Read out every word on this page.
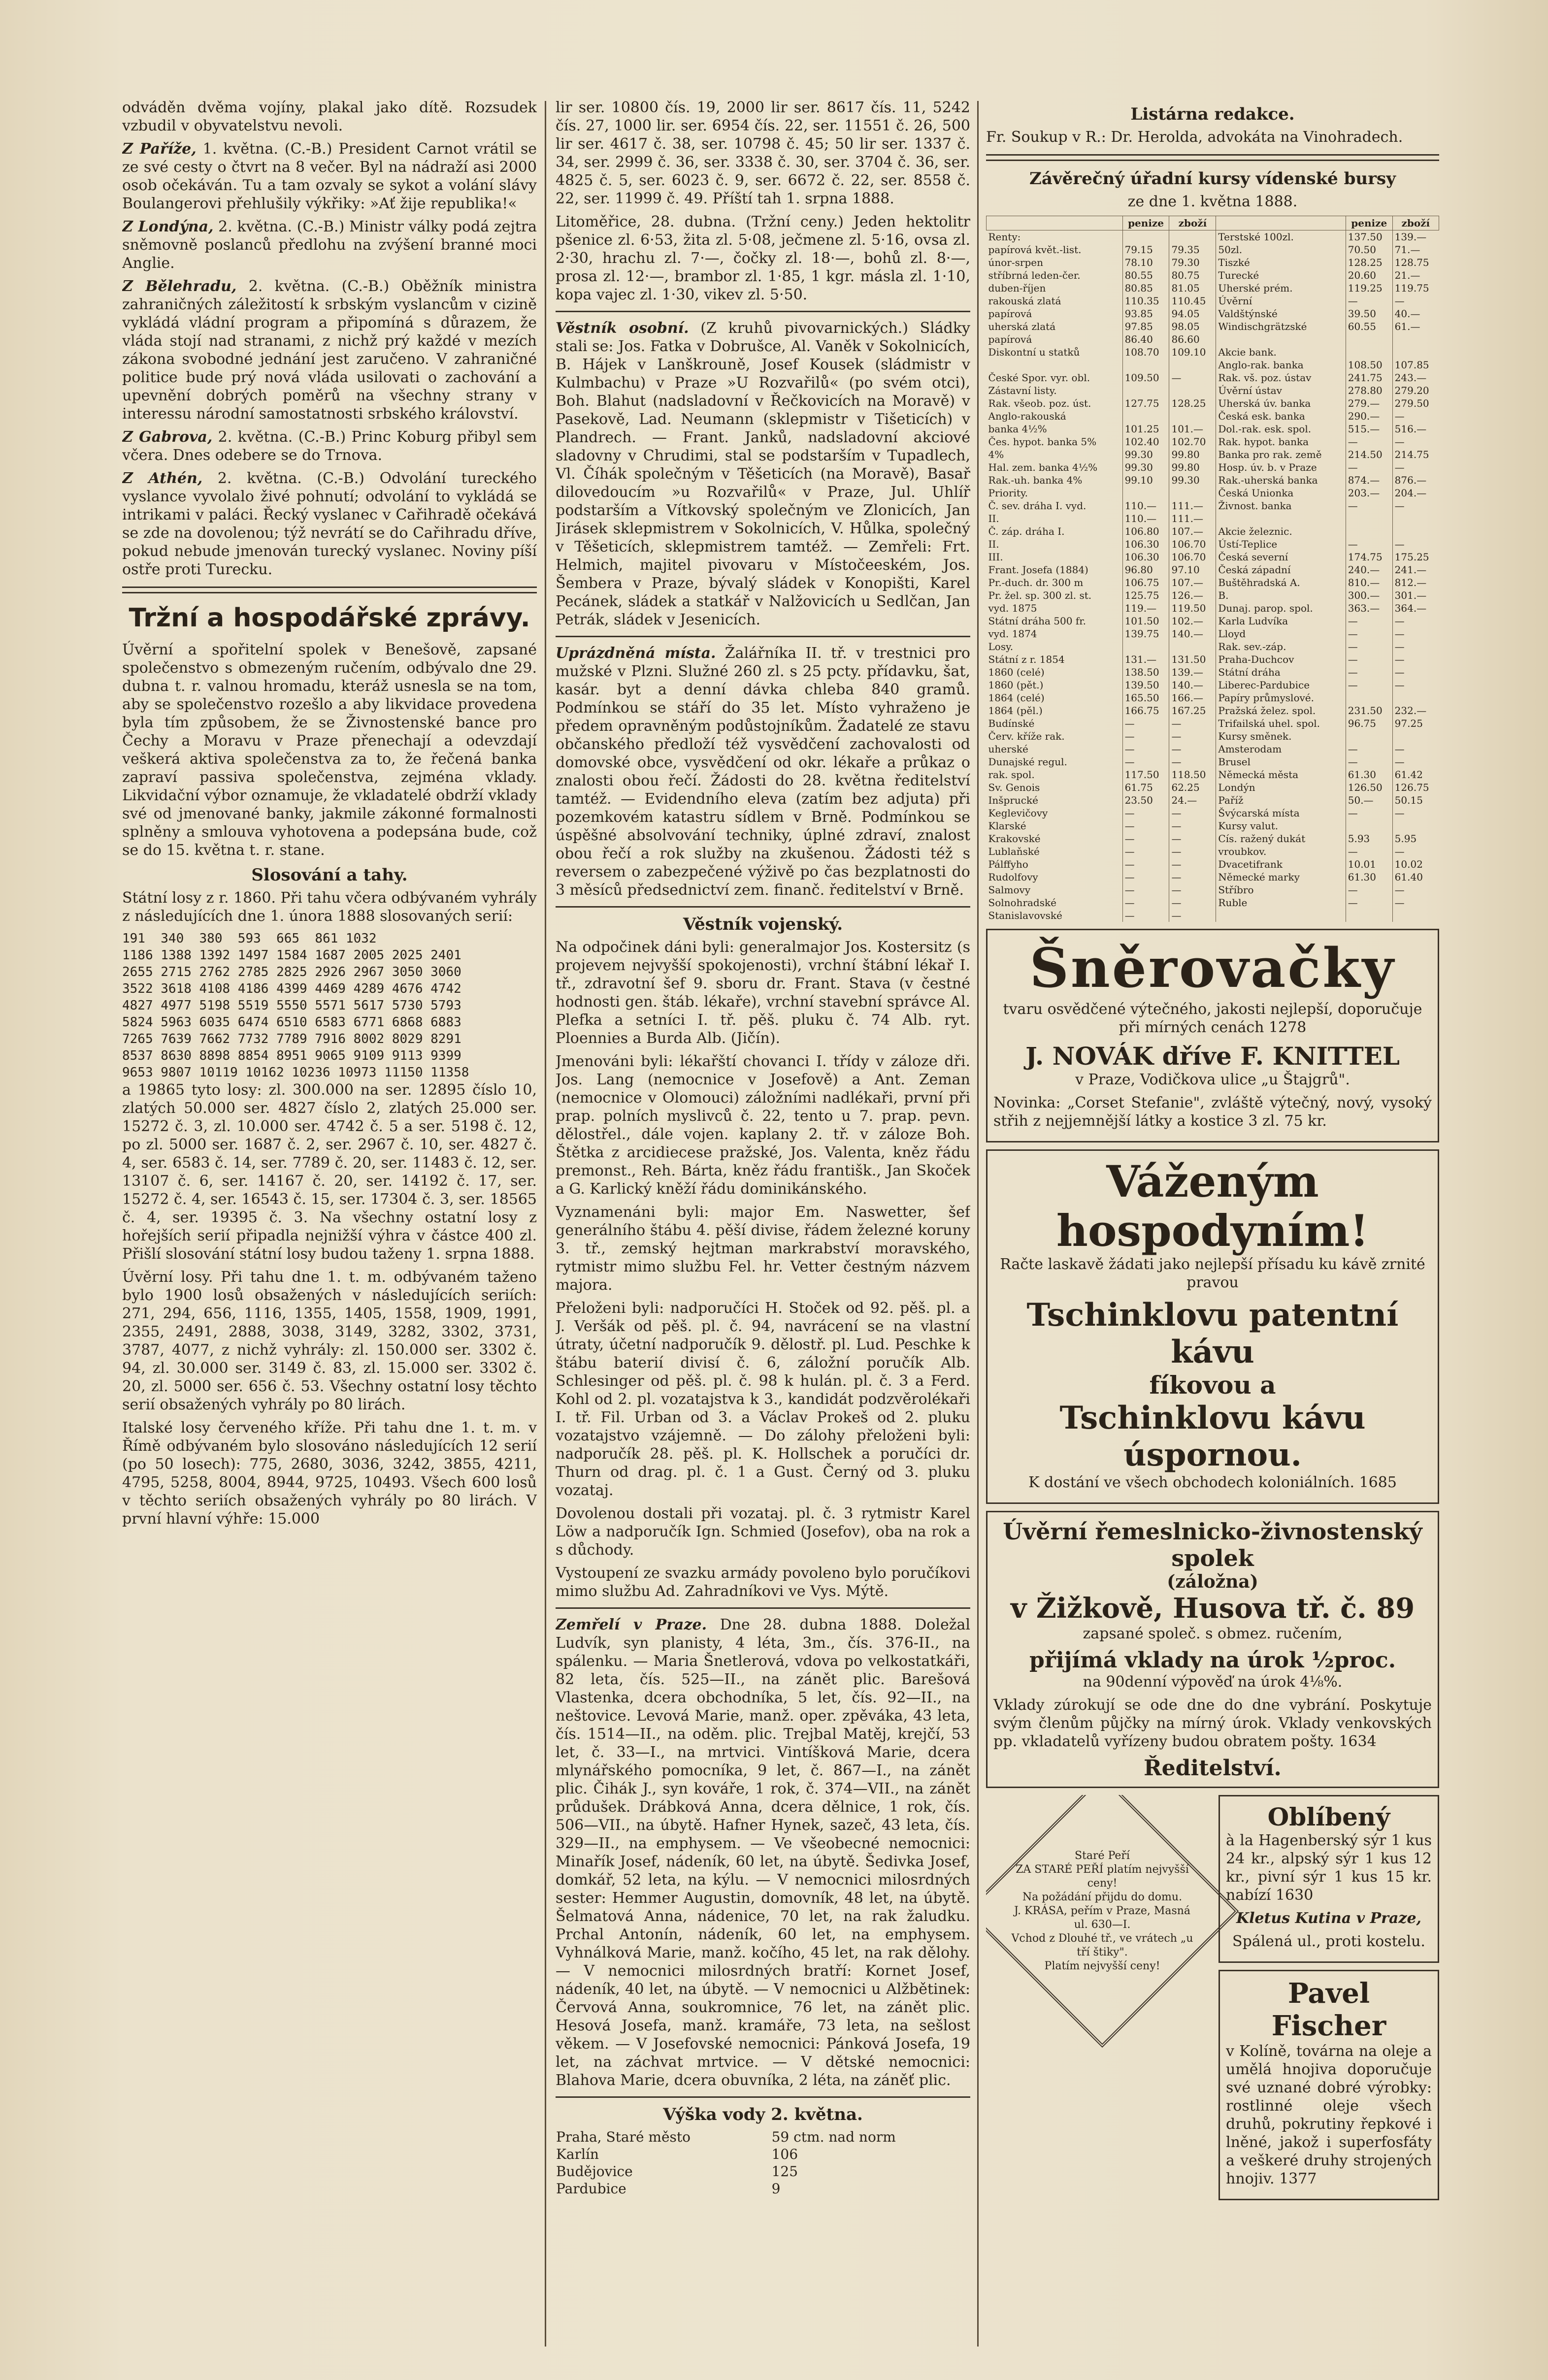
odváděn dvěma vojíny, plakal jako dítě. Rozsudek vzbudil v obyvatelstvu nevoli.

Z Paříže, 1. května. (C.-B.) President Carnot vrátil se ze své cesty o čtvrt na 8 večer. Byl na nádraží asi 2000 osob očekáván. Tu a tam ozvaly se sykot a volání slávy Boulangerovi přehlušily výkřiky: »Ať žije republika!«

Z Londýna, 2. května. (C.-B.) Ministr války podá zejtra sněmovně poslanců předlohu na zvýšení branné moci Anglie.

Z Bělehradu, 2. května. (C.-B.) Oběžník ministra zahraničných záležitostí k srbským vyslancům v cizině vykládá vládní program a připomíná s důrazem, že vláda stojí nad stranami, z nichž prý každé v mezích zákona svobodné jednání jest zaručeno. V zahraničné politice bude prý nová vláda usilovati o zachování a upevnění dobrých poměrů na všechny strany v interessu národní samostatnosti srbského království.

Z Gabrova, 2. května. (C.-B.) Princ Koburg přibyl sem včera. Dnes odebere se do Trnova.

Z Athén, 2. května. (C.-B.) Odvolání tureckého vyslance vyvolalo živé pohnutí; odvolání to vykládá se intrikami v paláci. Řecký vyslanec v Cařihradě očekává se zde na dovolenou; týž nevrátí se do Cařihradu dříve, pokud nebude jmenován turecký vyslanec. Noviny píší ostře proti Turecku.

Tržní a hospodářské zprávy.

Úvěrní a spořitelní spolek v Benešově, zapsané společenstvo s obmezeným ručením, odbývalo dne 29. dubna t. r. valnou hromadu, kteráž usnesla se na tom, aby se společenstvo rozešlo a aby likvidace provedena byla tím způsobem, že se Živnostenské bance pro Čechy a Moravu v Praze přenechají a odevzdají veškerá aktiva společenstva za to, že řečená banka zapraví passiva společenstva, zejména vklady. Likvidační výbor oznamuje, že vkladatelé obdrží vklady své od jmenované banky, jakmile zákonné formalnosti splněny a smlouva vyhotovena a podepsána bude, což se do 15. května t. r. stane.

Slosování a tahy.

Státní losy z r. 1860. Při tahu včera odbývaném vyhrály z následujících dne 1. února 1888 slosovaných serií:

191  340  380  593  665  861 1032
1186 1388 1392 1497 1584 1687 2005 2025 2401
2655 2715 2762 2785 2825 2926 2967 3050 3060
3522 3618 4108 4186 4399 4469 4289 4676 4742
4827 4977 5198 5519 5550 5571 5617 5730 5793
5824 5963 6035 6474 6510 6583 6771 6868 6883
7265 7639 7662 7732 7789 7916 8002 8029 8291
8537 8630 8898 8854 8951 9065 9109 9113 9399
9653 9807 10119 10162 10236 10973 11150 11358

a 19865 tyto losy: zl. 300.000 na ser. 12895 číslo 10, zlatých 50.000 ser. 4827 číslo 2, zlatých 25.000 ser. 15272 č. 3, zl. 10.000 ser. 4742 č. 5 a ser. 5198 č. 12, po zl. 5000 ser. 1687 č. 2, ser. 2967 č. 10, ser. 4827 č. 4, ser. 6583 č. 14, ser. 7789 č. 20, ser. 11483 č. 12, ser. 13107 č. 6, ser. 14167 č. 20, ser. 14192 č. 17, ser. 15272 č. 4, ser. 16543 č. 15, ser. 17304 č. 3, ser. 18565 č. 4, ser. 19395 č. 3. Na všechny ostatní losy z hořejších serií připadla nejnižší výhra v částce 400 zl. Přišlí slosování státní losy budou taženy 1. srpna 1888.

Úvěrní losy. Při tahu dne 1. t. m. odbývaném taženo bylo 1900 losů obsažených v následujících seriích: 271, 294, 656, 1116, 1355, 1405, 1558, 1909, 1991, 2355, 2491, 2888, 3038, 3149, 3282, 3302, 3731, 3787, 4077, z nichž vyhrály: zl. 150.000 ser. 3302 č. 94, zl. 30.000 ser. 3149 č. 83, zl. 15.000 ser. 3302 č. 20, zl. 5000 ser. 656 č. 53. Všechny ostatní losy těchto serií obsažených vyhrály po 80 lirách.

Italské losy červeného kříže. Při tahu dne 1. t. m. v Římě odbývaném bylo slosováno následujících 12 serií (po 50 losech): 775, 2680, 3036, 3242, 3855, 4211, 4795, 5258, 8004, 8944, 9725, 10493. Všech 600 losů v těchto seriích obsažených vyhrály po 80 lirách. V první hlavní výhře: 15.000

lir ser. 10800 čís. 19, 2000 lir ser. 8617 čís. 11, 5242 čís. 27, 1000 lir. ser. 6954 čís. 22, ser. 11551 č. 26, 500 lir ser. 4617 č. 38, ser. 10798 č. 45; 50 lir ser. 1337 č. 34, ser. 2999 č. 36, ser. 3338 č. 30, ser. 3704 č. 36, ser. 4825 č. 5, ser. 6023 č. 9, ser. 6672 č. 22, ser. 8558 č. 22, ser. 11999 č. 49. Příští tah 1. srpna 1888.

Litoměřice, 28. dubna. (Tržní ceny.) Jeden hektolitr pšenice zl. 6·53, žita zl. 5·08, ječmene zl. 5·16, ovsa zl. 2·30, hrachu zl. 7·—, čočky zl. 18·—, bohů zl. 8·—, prosa zl. 12·—, brambor zl. 1·85, 1 kgr. másla zl. 1·10, kopa vajec zl. 1·30, vikev zl. 5·50.

Věstník osobní. (Z kruhů pivovarnických.) Sládky stali se: Jos. Fatka v Dobrušce, Al. Vaněk v Sokolnicích, B. Hájek v Lanškrouně, Josef Kousek (sládmistr v Kulmbachu) v Praze »U Rozvařilů« (po svém otci), Boh. Blahut (nadsladovní v Řečkovicích na Moravě) v Pasekově, Lad. Neumann (sklepmistr v Tišeticích) v Plandrech. — Frant. Janků, nadsladovní akciové sladovny v Chrudimi, stal se podstarším v Tupadlech, Vl. Číhák společným v Těšeticích (na Moravě), Basař dilovedoucím »u Rozvařilů« v Praze, Jul. Uhlíř podstarším a Vítkovský společným ve Zlonicích, Jan Jirásek sklepmistrem v Sokolnicích, V. Hůlka, společný v Těšeticích, sklepmistrem tamtéž. — Zemřeli: Frt. Helmich, majitel pivovaru v Místočeeském, Jos. Šembera v Praze, bývalý sládek v Konopišti, Karel Pecánek, sládek a statkář v Nalžovicích u Sedlčan, Jan Petrák, sládek v Jesenicích.

Uprázdněná místa. Žalářníka II. tř. v trestnici pro mužské v Plzni. Služné 260 zl. s 25 pcty. přídavku, šat, kasár. byt a denní dávka chleba 840 gramů. Podmínkou se stáří do 35 let. Místo vyhraženo je předem opravněným podůstojníkům. Žadatelé ze stavu občanského předloží též vysvědčení zachovalosti od domovské obce, vysvědčení od okr. lékaře a průkaz o znalosti obou řečí. Žádosti do 28. května ředitelství tamtéž. — Evidendního eleva (zatím bez adjuta) při pozemkovém katastru sídlem v Brně. Podmínkou se úspěšné absolvování techniky, úplné zdraví, znalost obou řečí a rok služby na zkušenou. Žádosti též s reversem o zabezpečené výživě po čas bezplatnosti do 3 měsíců předsednictví zem. finanč. ředitelství v Brně.

Věstník vojenský.

Na odpočinek dáni byli: generalmajor Jos. Kostersitz (s projevem nejvyšší spokojenosti), vrchní štábní lékař I. tř., zdravotní šef 9. sboru dr. Frant. Stava (v čestné hodnosti gen. štáb. lékaře), vrchní stavební správce Al. Plefka a setníci I. tř. pěš. pluku č. 74 Alb. ryt. Ploennies a Burda Alb. (Jičín).

Jmenováni byli: lékařští chovanci I. třídy v záloze dři. Jos. Lang (nemocnice v Josefově) a Ant. Zeman (nemocnice v Olomouci) záložními nadlékaři, první při prap. polních myslivců č. 22, tento u 7. prap. pevn. dělostřel., dále vojen. kaplany 2. tř. v záloze Boh. Štětka z arcidiecese pražské, Jos. Valenta, kněz řádu premonst., Reh. Bárta, kněz řádu františk., Jan Skoček a G. Karlický kněží řádu dominikánského.

Vyznamenáni byli: major Em. Naswetter, šef generálního štábu 4. pěší divise, řádem železné koruny 3. tř., zemský hejtman markrabství moravského, rytmistr mimo službu Fel. hr. Vetter čestným názvem majora.

Přeloženi byli: nadporučíci H. Stoček od 92. pěš. pl. a J. Veršák od pěš. pl. č. 94, navrácení se na vlastní útraty, účetní nadporučík 9. dělostř. pl. Lud. Peschke k štábu baterií divisí č. 6, záložní poručík Alb. Schlesinger od pěš. pl. č. 98 k hulán. pl. č. 3 a Ferd. Kohl od 2. pl. vozatajstva k 3., kandidát podzvěrolékaři I. tř. Fil. Urban od 3. a Václav Prokeš od 2. pluku vozatajstvo vzájemně. — Do zálohy přeloženi byli: nadporučík 28. pěš. pl. K. Hollschek a poručíci dr. Thurn od drag. pl. č. 1 a Gust. Černý od 3. pluku vozataj.

Dovolenou dostali při vozataj. pl. č. 3 rytmistr Karel Löw a nadporučík Ign. Schmied (Josefov), oba na rok a s důchody.

Vystoupení ze svazku armády povoleno bylo poručíkovi mimo službu Ad. Zahradníkovi ve Vys. Mýtě.

Zemřelí v Praze. Dne 28. dubna 1888. Doležal Ludvík, syn planisty, 4 léta, 3m., čís. 376-II., na spálenku. — Maria Šnetlerová, vdova po velkostatkáři, 82 leta, čís. 525—II., na zánět plic. Barešová Vlastenka, dcera obchodníka, 5 let, čís. 92—II., na neštovice. Levová Marie, manž. oper. zpěváka, 43 leta, čís. 1514—II., na oděm. plic. Trejbal Matěj, krejčí, 53 let, č. 33—I., na mrtvici. Vintíšková Marie, dcera mlynářského pomocníka, 9 let, č. 867—I., na zánět plic. Čihák J., syn kováře, 1 rok, č. 374—VII., na zánět průdušek. Drábková Anna, dcera dělnice, 1 rok, čís. 506—VII., na úbytě. Hafner Hynek, sazeč, 43 leta, čís. 329—II., na emphysem. — Ve všeobecné nemocnici: Minařík Josef, nádeník, 60 let, na úbytě. Šedivka Josef, domkář, 52 leta, na kýlu. — V nemocnici milosrdných sester: Hemmer Augustin, domovník, 48 let, na úbytě. Šelmatová Anna, nádenice, 70 let, na rak žaludku. Prchal Antonín, nádeník, 60 let, na emphysem. Vyhnálková Marie, manž. kočího, 45 let, na rak dělohy. — V nemocnici milosrdných bratří: Kornet Josef, nádeník, 40 let, na úbytě. — V nemocnici u Alžbětinek: Červová Anna, soukromnice, 76 let, na zánět plic. Hesová Josefa, manž. kramáře, 73 leta, na sešlost věkem. — V Josefovské nemocnici: Pánková Josefa, 19 let, na záchvat mrtvice. — V dětské nemocnici: Blahova Marie, dcera obuvníka, 2 léta, na záněť plic.

Výška vody 2. května.
Praha, Staré město	59 ctm. nad norm
Karlín	106
Budějovice	125
Pardubice	9
Listárna redakce.

Fr. Soukup v R.: Dr. Herolda, advokáta na Vinohradech.

Závěrečný úřadní kursy vídenské bursy

ze dne 1. května 1888.

	penize	zboží		penize	zboží
Renty:			Terstské 100zl.	137.50	139.—
papírová květ.-list.	79.15	79.35	50zl.	70.50	71.—
únor-srpen	78.10	79.30	Tiszké	128.25	128.75
stříbrná leden-čer.	80.55	80.75	Turecké	20.60	21.—
duben-říjen	80.85	81.05	Uherské prém.	119.25	119.75
rakouská zlatá	110.35	110.45	Úvěrní	—	—
papírová	93.85	94.05	Valdštýnské	39.50	40.—
uherská zlatá	97.85	98.05	Windischgrätzské	60.55	61.—
papírová	86.40	86.60			
Diskontní u statků	108.70	109.10	Akcie bank.		
			Anglo-rak. banka	108.50	107.85
České Spor. vyr. obl.	109.50	—	Rak. vš. poz. ústav	241.75	243.—
Zástavní listy.			Úvěrní ústav	278.80	279.20
Rak. všeob. poz. úst.	127.75	128.25	Uherská úv. banka	279.—	279.50
Anglo-rakouská			Česká esk. banka	290.—	—
banka 4½%	101.25	101.—	Dol.-rak. esk. spol.	515.—	516.—
Čes. hypot. banka 5%	102.40	102.70	Rak. hypot. banka	—	—
4%	99.30	99.80	Banka pro rak. země	214.50	214.75
Hal. zem. banka 4½%	99.30	99.80	Hosp. úv. b. v Praze	—	—
Rak.-uh. banka 4%	99.10	99.30	Rak.-uherská banka	874.—	876.—
Priority.			Česká Unionka	203.—	204.—
Č. sev. dráha I. vyd.	110.—	111.—	Živnost. banka	—	—
II.	110.—	111.—			
Č. záp. dráha I.	106.80	107.—	Akcie železnic.		
II.	106.30	106.70	Ústí-Teplice	—	—
III.	106.30	106.70	Česká severní	174.75	175.25
Frant. Josefa (1884)	96.80	97.10	Česká západní	240.—	241.—
Pr.-duch. dr. 300 m	106.75	107.—	Buštěhradská A.	810.—	812.—
Pr. žel. sp. 300 zl. st.	125.75	126.—	B.	300.—	301.—
vyd. 1875	119.—	119.50	Dunaj. parop. spol.	363.—	364.—
Státní dráha 500 fr.	101.50	102.—	Karla Ludvíka	—	—
vyd. 1874	139.75	140.—	Lloyd	—	—
Losy.			Rak. sev.-záp.	—	—
Státní z r. 1854	131.—	131.50	Praha-Duchcov	—	—
1860 (celé)	138.50	139.—	Státní dráha	—	—
1860 (pět.)	139.50	140.—	Liberec-Pardubice	—	—
1864 (celé)	165.50	166.—	Papíry průmyslové.		
1864 (pěl.)	166.75	167.25	Pražská želez. spol.	231.50	232.—
Budínské	—	—	Trifailská uhel. spol.	96.75	97.25
Červ. kříže rak.	—	—	Kursy směnek.		
uherské	—	—	Amsterodam	—	—
Dunajské regul.	—	—	Brusel	—	—
rak. spol.	117.50	118.50	Německá města	61.30	61.42
Sv. Genois	61.75	62.25	Londýn	126.50	126.75
Inšprucké	23.50	24.—	Paříž	50.—	50.15
Keglevičovy	—	—	Švýcarská místa	—	—
Klarské	—	—	Kursy valut.		
Krakovské	—	—	Cís. ražený dukát	5.93	5.95
Lublaňské	—	—	vroubkov.	—	—
Pálffyho	—	—	Dvacetifrank	10.01	10.02
Rudolfovy	—	—	Německé marky	61.30	61.40
Salmovy	—	—	Stříbro	—	—
Solnohradské	—	—	Ruble	—	—
Stanislavovské	—	—			
Šněrovačky

tvaru osvědčené výtečného, jakosti nejlepší, doporučuje při mírných cenách 1278

J. NOVÁK dříve F. KNITTEL

v Praze, Vodičkova ulice „u Štajgrů".

Novinka: „Corset Stefanie", zvláště výtečný, nový, vysoký střih z nejjemnější látky a kostice 3 zl. 75 kr.

Váženým hospodyním!

Račte laskavě žádati jako nejlepší přísadu ku kávě zrnité pravou

Tschinklovu patentní kávu
fíkovou a
Tschinklovu kávu úspornou.

K dostání ve všech obchodech koloniálních. 1685

Úvěrní řemeslnicko-živnostenský spolek
(záložna)
v Žižkově, Husova tř. č. 89

zapsané společ. s obmez. ručením,

přijímá vklady na úrok ½proc.

na 90denní výpověď na úrok 4⅛%.

Vklady zúrokují se ode dne do dne vybrání. Poskytuje svým členům půjčky na mírný úrok. Vklady venkovských pp. vkladatelů vyřízeny budou obratem pošty. 1634

Ředitelství.
Staré Peří
ZA STARÉ PEŘÍ platím nejvyšší ceny!
Na požádání přijdu do domu.
J. KRÁSA, peřím v Praze, Masná ul. 630—I.
Vchod z Dlouhé tř., ve vrátech „u tří štiky".
Platím nejvyšší ceny!
Oblíbený

à la Hagenberský sýr 1 kus 24 kr., alpský sýr 1 kus 12 kr., pivní sýr 1 kus 15 kr. nabízí 1630

Kletus Kutina v Praze,

Spálená ul., proti kostelu.

Pavel Fischer

v Kolíně, továrna na oleje a umělá hnojiva doporučuje své uznané dobré výrobky: rostlinné oleje všech druhů, pokrutiny řepkové i lněné, jakož i superfosfáty a veškeré druhy strojených hnojiv. 1377
